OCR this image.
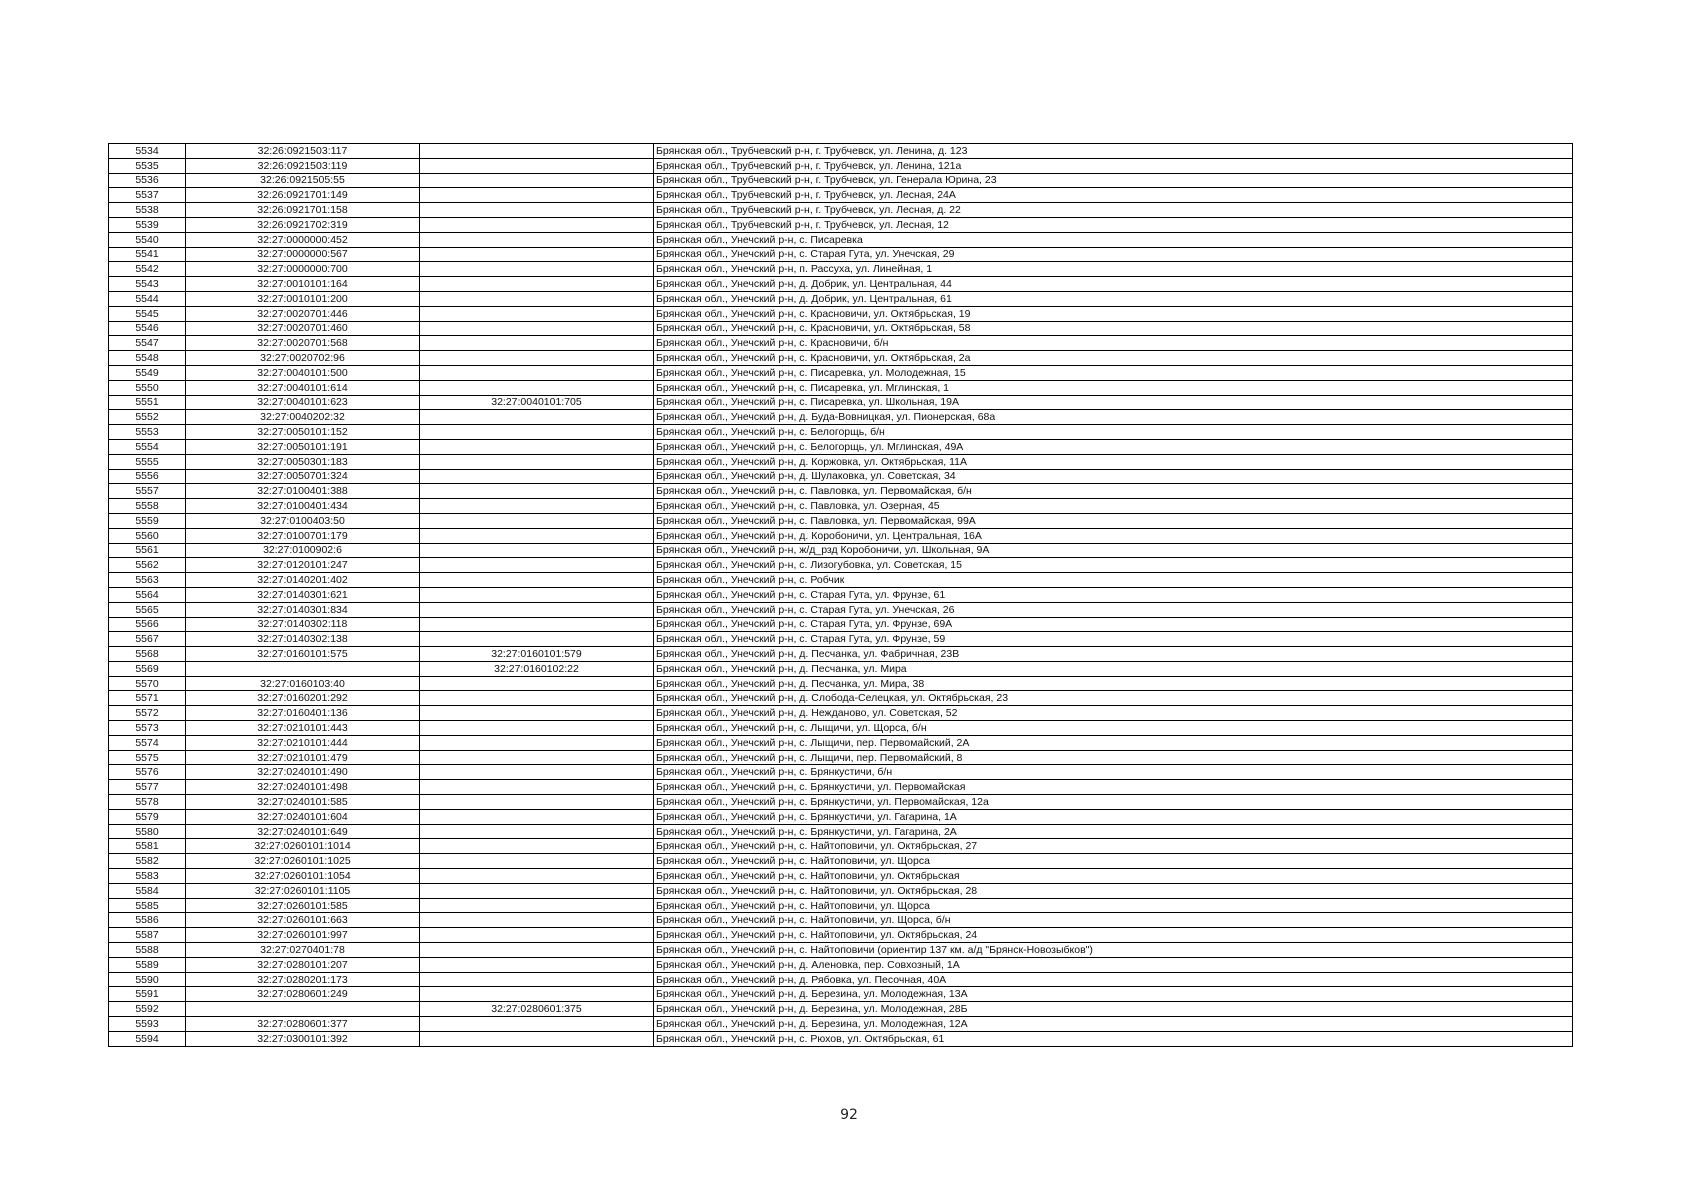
5534	32:26:0921503:117		Брянская обл., Трубчевский р-н, г. Трубчевск, ул. Ленина, д. 123
5535	32:26:0921503:119		Брянская обл., Трубчевский р-н, г. Трубчевск, ул. Ленина, 121а
5536	32:26:0921505:55		Брянская обл., Трубчевский р-н, г. Трубчевск, ул. Генерала Юрина, 23
5537	32:26:0921701:149		Брянская обл., Трубчевский р-н, г. Трубчевск, ул. Лесная, 24А
5538	32:26:0921701:158		Брянская обл., Трубчевский р-н, г. Трубчевск, ул. Лесная, д. 22
5539	32:26:0921702:319		Брянская обл., Трубчевский р-н, г. Трубчевск, ул. Лесная, 12
5540	32:27:0000000:452		Брянская обл., Унечский р-н, с. Писаревка
5541	32:27:0000000:567		Брянская обл., Унечский р-н, с. Старая Гута, ул. Унечская, 29
5542	32:27:0000000:700		Брянская обл., Унечский р-н, п. Рассуха, ул. Линейная, 1
5543	32:27:0010101:164		Брянская обл., Унечский р-н, д. Добрик, ул. Центральная, 44
5544	32:27:0010101:200		Брянская обл., Унечский р-н, д. Добрик, ул. Центральная, 61
5545	32:27:0020701:446		Брянская обл., Унечский р-н, с. Красновичи, ул. Октябрьская, 19
5546	32:27:0020701:460		Брянская обл., Унечский р-н, с. Красновичи, ул. Октябрьская, 58
5547	32:27:0020701:568		Брянская обл., Унечский р-н, с. Красновичи, б/н
5548	32:27:0020702:96		Брянская обл., Унечский р-н, с. Красновичи, ул. Октябрьская, 2а
5549	32:27:0040101:500		Брянская обл., Унечский р-н, с. Писаревка, ул. Молодежная, 15
5550	32:27:0040101:614		Брянская обл., Унечский р-н, с. Писаревка, ул. Мглинская, 1
5551	32:27:0040101:623	32:27:0040101:705	Брянская обл., Унечский р-н, с. Писаревка, ул. Школьная, 19А
5552	32:27:0040202:32		Брянская обл., Унечский р-н, д. Буда-Вовницкая, ул. Пионерская, 68а
5553	32:27:0050101:152		Брянская обл., Унечский р-н, с. Белогорщь, б/н
5554	32:27:0050101:191		Брянская обл., Унечский р-н, с. Белогорщь, ул. Мглинская, 49А
5555	32:27:0050301:183		Брянская обл., Унечский р-н, д. Коржовка, ул. Октябрьская, 11А
5556	32:27:0050701:324		Брянская обл., Унечский р-н, д. Шулаковка, ул. Советская, 34
5557	32:27:0100401:388		Брянская обл., Унечский р-н, с. Павловка, ул. Первомайская, б/н
5558	32:27:0100401:434		Брянская обл., Унечский р-н, с. Павловка, ул. Озерная, 45
5559	32:27:0100403:50		Брянская обл., Унечский р-н, с. Павловка, ул. Первомайская, 99А
5560	32:27:0100701:179		Брянская обл., Унечский р-н, д. Коробоничи, ул. Центральная, 16А
5561	32:27:0100902:6		Брянская обл., Унечский р-н, ж/д_рзд Коробоничи, ул. Школьная, 9А
5562	32:27:0120101:247		Брянская обл., Унечский р-н, с. Лизогубовка, ул. Советская, 15
5563	32:27:0140201:402		Брянская обл., Унечский р-н, с. Робчик
5564	32:27:0140301:621		Брянская обл., Унечский р-н, с. Старая Гута, ул. Фрунзе, 61
5565	32:27:0140301:834		Брянская обл., Унечский р-н, с. Старая Гута, ул. Унечская, 26
5566	32:27:0140302:118		Брянская обл., Унечский р-н, с. Старая Гута, ул. Фрунзе, 69А
5567	32:27:0140302:138		Брянская обл., Унечский р-н, с. Старая Гута, ул. Фрунзе, 59
5568	32:27:0160101:575	32:27:0160101:579	Брянская обл., Унечский р-н, д. Песчанка, ул. Фабричная, 23В
5569		32:27:0160102:22	Брянская обл., Унечский р-н, д. Песчанка, ул. Мира
5570	32:27:0160103:40		Брянская обл., Унечский р-н, д. Песчанка, ул. Мира, 38
5571	32:27:0160201:292		Брянская обл., Унечский р-н, д. Слобода-Селецкая, ул. Октябрьская, 23
5572	32:27:0160401:136		Брянская обл., Унечский р-н, д. Нежданово, ул. Советская, 52
5573	32:27:0210101:443		Брянская обл., Унечский р-н, с. Лыщичи, ул. Щорса, б/н
5574	32:27:0210101:444		Брянская обл., Унечский р-н, с. Лыщичи, пер. Первомайский, 2А
5575	32:27:0210101:479		Брянская обл., Унечский р-н, с. Лыщичи, пер. Первомайский, 8
5576	32:27:0240101:490		Брянская обл., Унечский р-н, с. Брянкустичи, б/н
5577	32:27:0240101:498		Брянская обл., Унечский р-н, с. Брянкустичи, ул. Первомайская
5578	32:27:0240101:585		Брянская обл., Унечский р-н, с. Брянкустичи, ул. Первомайская, 12а
5579	32:27:0240101:604		Брянская обл., Унечский р-н, с. Брянкустичи, ул. Гагарина, 1А
5580	32:27:0240101:649		Брянская обл., Унечский р-н, с. Брянкустичи, ул. Гагарина, 2А
5581	32:27:0260101:1014		Брянская обл., Унечский р-н, с. Найтоповичи, ул. Октябрьская, 27
5582	32:27:0260101:1025		Брянская обл., Унечский р-н, с. Найтоповичи, ул. Щорса
5583	32:27:0260101:1054		Брянская обл., Унечский р-н, с. Найтоповичи, ул. Октябрьская
5584	32:27:0260101:1105		Брянская обл., Унечский р-н, с. Найтоповичи, ул. Октябрьская, 28
5585	32:27:0260101:585		Брянская обл., Унечский р-н, с. Найтоповичи, ул. Щорса
5586	32:27:0260101:663		Брянская обл., Унечский р-н, с. Найтоповичи, ул. Щорса, б/н
5587	32:27:0260101:997		Брянская обл., Унечский р-н, с. Найтоповичи, ул. Октябрьская, 24
5588	32:27:0270401:78		Брянская обл., Унечский р-н, с. Найтоповичи (ориентир 137 км. а/д "Брянск-Новозыбков")
5589	32:27:0280101:207		Брянская обл., Унечский р-н, д. Аленовка, пер. Совхозный, 1А
5590	32:27:0280201:173		Брянская обл., Унечский р-н, д. Рябовка, ул. Песочная, 40А
5591	32:27:0280601:249		Брянская обл., Унечский р-н, д. Березина, ул. Молодежная, 13А
5592		32:27:0280601:375	Брянская обл., Унечский р-н, д. Березина, ул. Молодежная, 28Б
5593	32:27:0280601:377		Брянская обл., Унечский р-н, д. Березина, ул. Молодежная, 12А
5594	32:27:0300101:392		Брянская обл., Унечский р-н, с. Рюхов, ул. Октябрьская, 61
92
